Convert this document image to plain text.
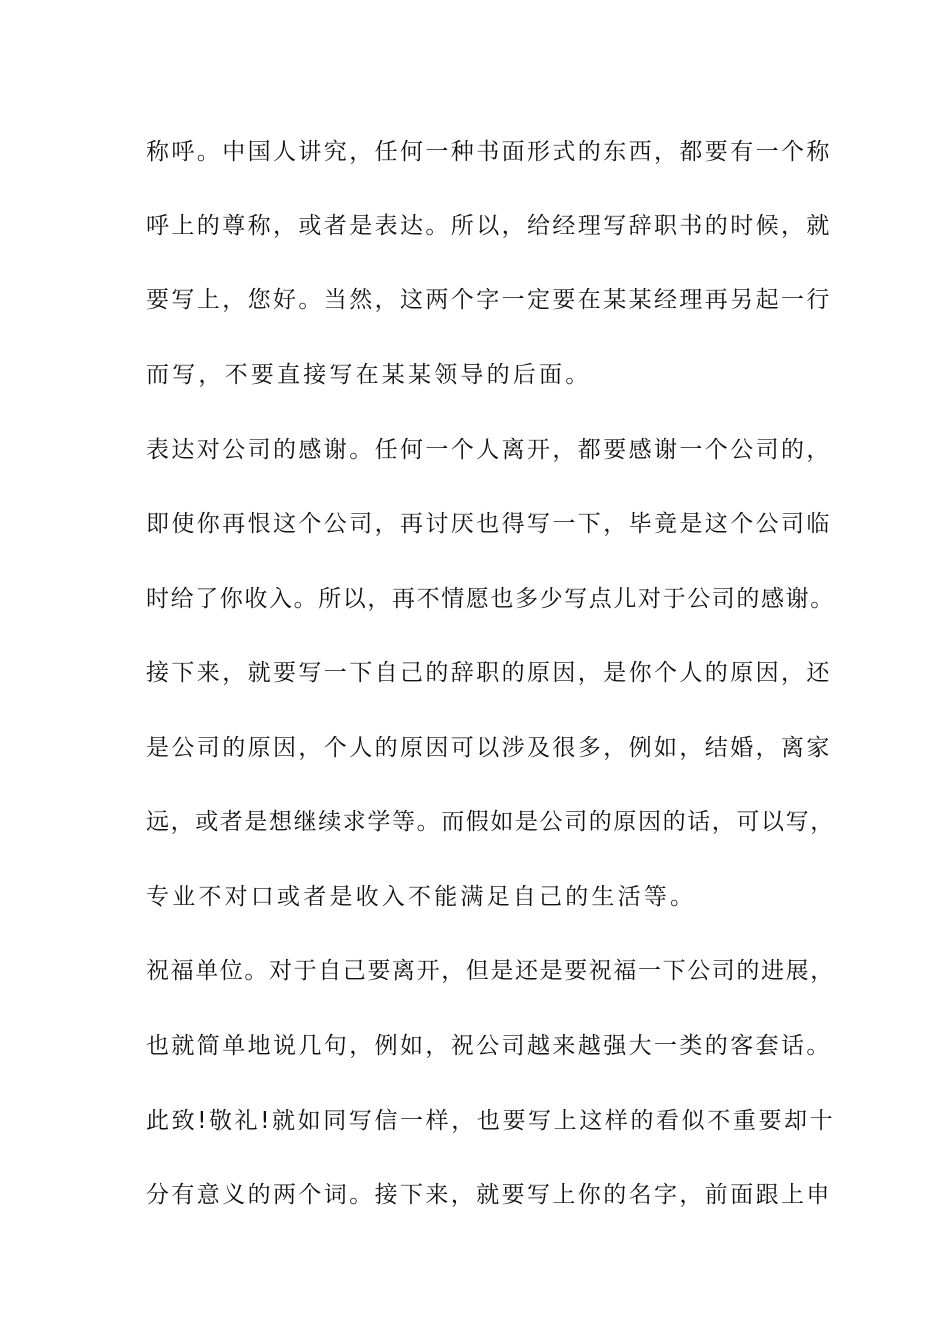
称呼。中国人讲究，任何一种书面形式的东西，都要有一个称
呼上的尊称，或者是表达。所以，给经理写辞职书的时候，就
要写上，您好。当然，这两个字一定要在某某经理再另起一行
而写，不要直接写在某某领导的后面。
表达对公司的感谢。任何一个人离开，都要感谢一个公司的，
即使你再恨这个公司，再讨厌也得写一下，毕竟是这个公司临
时给了你收入。所以，再不情愿也多少写点儿对于公司的感谢。
接下来，就要写一下自己的辞职的原因，是你个人的原因，还
是公司的原因，个人的原因可以涉及很多，例如，结婚，离家
远，或者是想继续求学等。而假如是公司的原因的话，可以写，
专业不对口或者是收入不能满足自己的生活等。
祝福单位。对于自己要离开，但是还是要祝福一下公司的进展，
也就简单地说几句，例如，祝公司越来越强大一类的客套话。
此致!敬礼!就如同写信一样，也要写上这样的看似不重要却十
分有意义的两个词。接下来，就要写上你的名字，前面跟上申
